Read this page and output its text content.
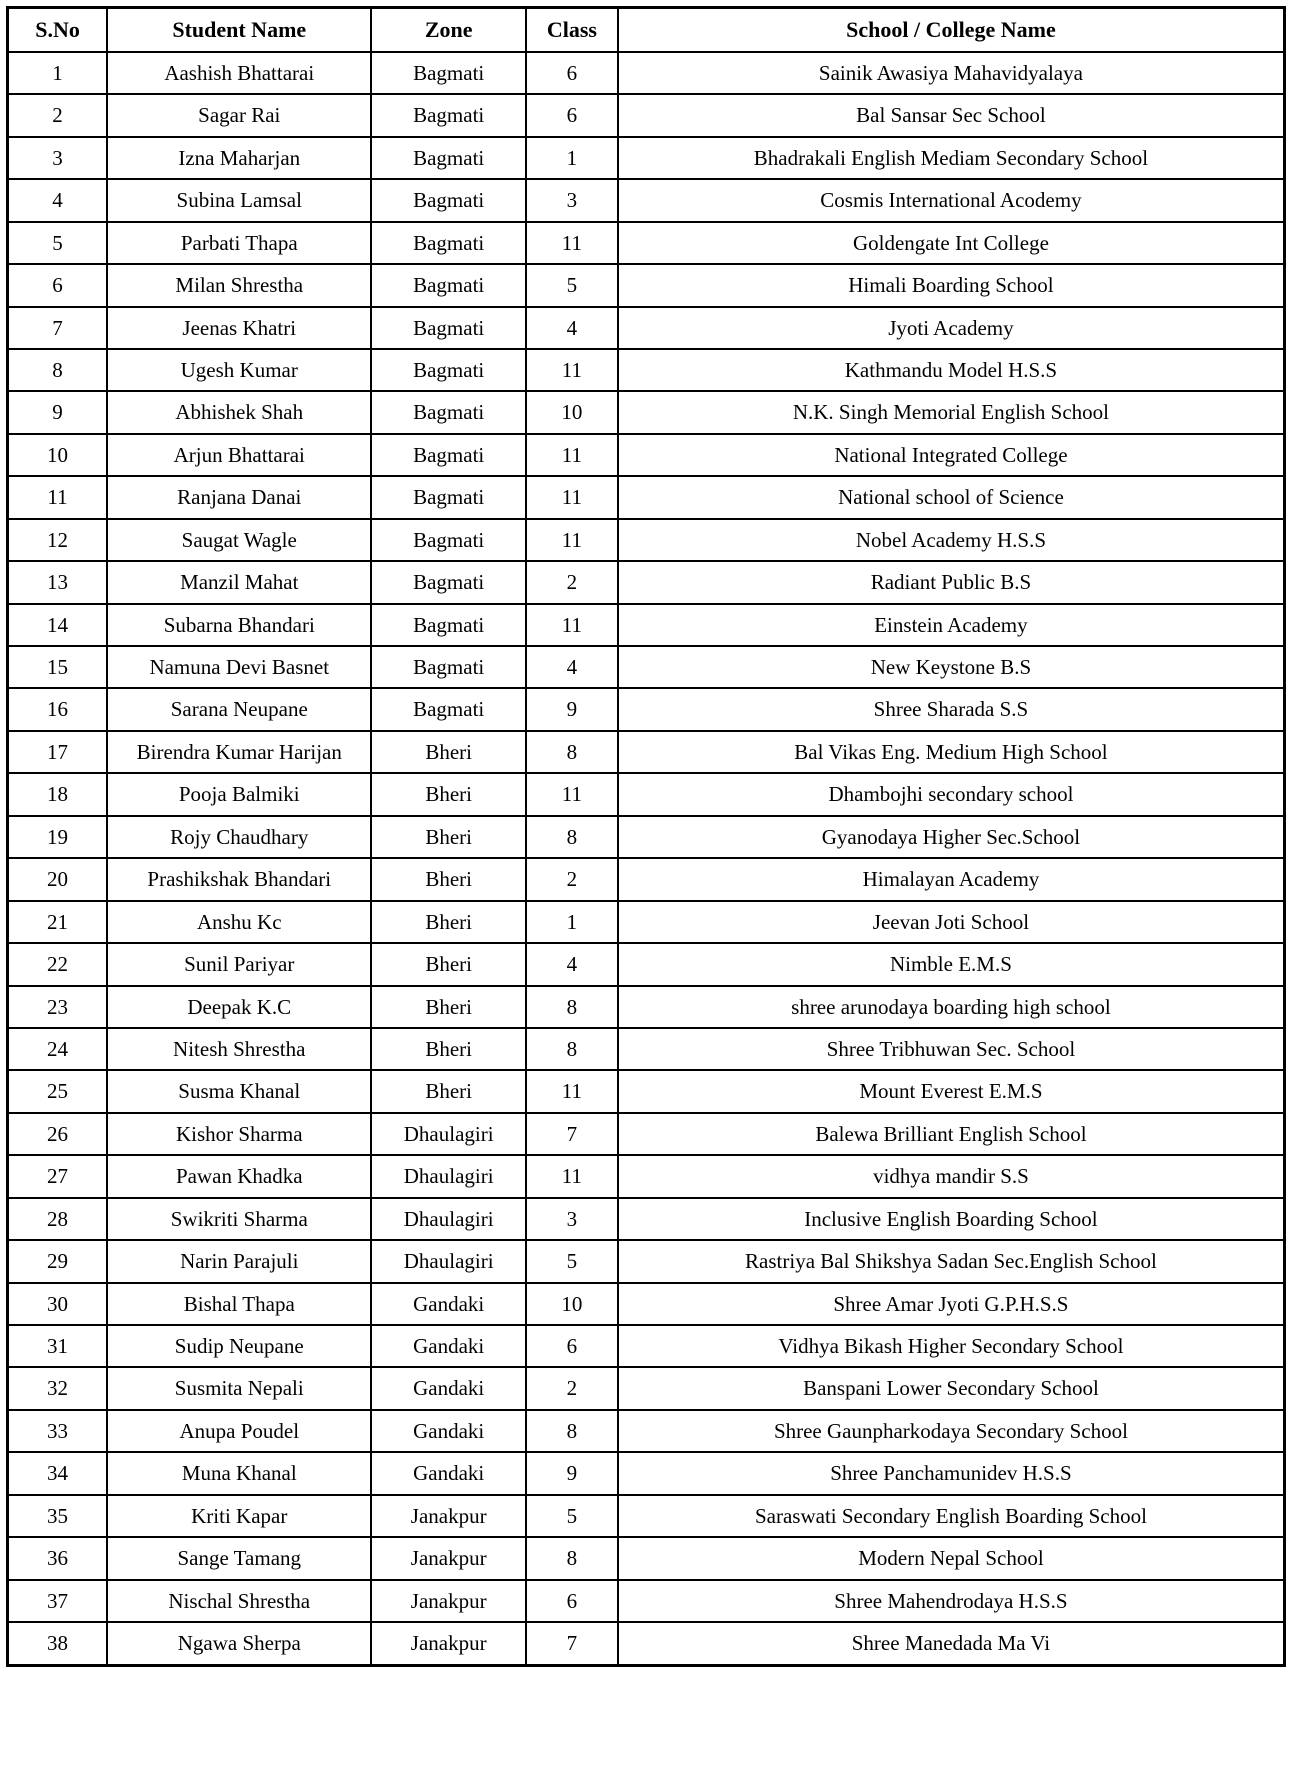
S.No	Student Name	Zone	Class	School / College Name
1	Aashish Bhattarai	Bagmati	6	Sainik Awasiya Mahavidyalaya
2	Sagar Rai	Bagmati	6	Bal Sansar Sec School
3	Izna Maharjan	Bagmati	1	Bhadrakali English Mediam Secondary School
4	Subina Lamsal	Bagmati	3	Cosmis International Acodemy
5	Parbati Thapa	Bagmati	11	Goldengate Int College
6	Milan Shrestha	Bagmati	5	Himali Boarding School
7	Jeenas Khatri	Bagmati	4	Jyoti Academy
8	Ugesh Kumar	Bagmati	11	Kathmandu Model H.S.S
9	Abhishek Shah	Bagmati	10	N.K. Singh Memorial English School
10	Arjun Bhattarai	Bagmati	11	National Integrated College
11	Ranjana Danai	Bagmati	11	National school of Science
12	Saugat Wagle	Bagmati	11	Nobel Academy H.S.S
13	Manzil Mahat	Bagmati	2	Radiant Public B.S
14	Subarna Bhandari	Bagmati	11	Einstein Academy
15	Namuna Devi Basnet	Bagmati	4	New Keystone B.S
16	Sarana Neupane	Bagmati	9	Shree Sharada S.S
17	Birendra Kumar Harijan	Bheri	8	Bal Vikas Eng. Medium High School
18	Pooja Balmiki	Bheri	11	Dhambojhi secondary school
19	Rojy Chaudhary	Bheri	8	Gyanodaya Higher Sec.School
20	Prashikshak Bhandari	Bheri	2	Himalayan Academy
21	Anshu Kc	Bheri	1	Jeevan Joti School
22	Sunil Pariyar	Bheri	4	Nimble E.M.S
23	Deepak K.C	Bheri	8	shree arunodaya boarding high school
24	Nitesh Shrestha	Bheri	8	Shree Tribhuwan Sec. School
25	Susma Khanal	Bheri	11	Mount Everest E.M.S
26	Kishor Sharma	Dhaulagiri	7	Balewa Brilliant English School
27	Pawan Khadka	Dhaulagiri	11	vidhya mandir S.S
28	Swikriti Sharma	Dhaulagiri	3	Inclusive English Boarding School
29	Narin Parajuli	Dhaulagiri	5	Rastriya Bal Shikshya Sadan Sec.English School
30	Bishal Thapa	Gandaki	10	Shree Amar Jyoti G.P.H.S.S
31	Sudip Neupane	Gandaki	6	Vidhya Bikash Higher Secondary School
32	Susmita Nepali	Gandaki	2	Banspani Lower Secondary School
33	Anupa Poudel	Gandaki	8	Shree Gaunpharkodaya Secondary School
34	Muna Khanal	Gandaki	9	Shree Panchamunidev H.S.S
35	Kriti Kapar	Janakpur	5	Saraswati Secondary English Boarding School
36	Sange Tamang	Janakpur	8	Modern Nepal School
37	Nischal Shrestha	Janakpur	6	Shree Mahendrodaya H.S.S
38	Ngawa Sherpa	Janakpur	7	Shree Manedada Ma Vi
